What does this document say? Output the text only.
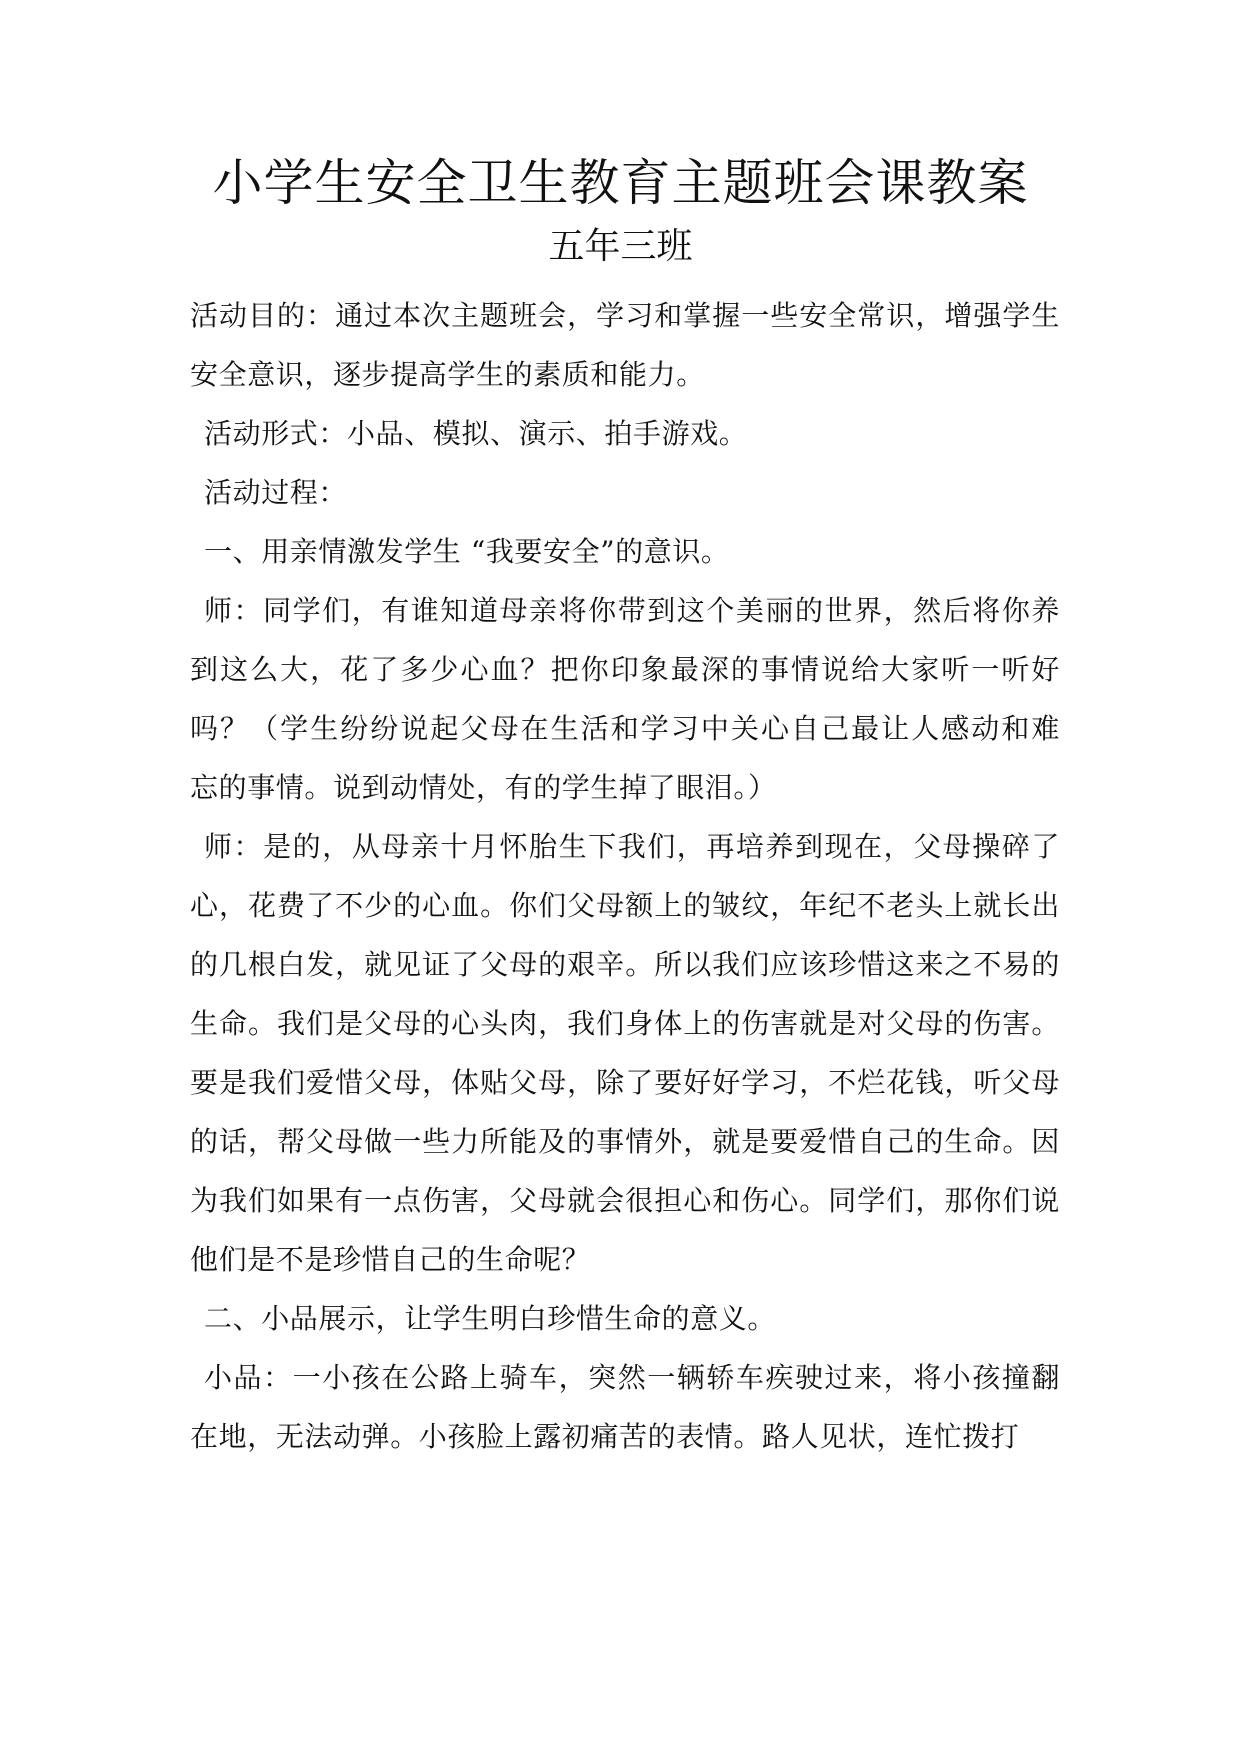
小学生安全卫生教育主题班会课教案
五年三班
活动目的：通过本次主题班会，学习和掌握一些安全常识，增强学生
安全意识，逐步提高学生的素质和能力。
活动形式：小品、模拟、演示、拍手游戏。
活动过程：
一、用亲情激发学生 “我要安全”的意识。
师：同学们，有谁知道母亲将你带到这个美丽的世界，然后将你养
到这么大，花了多少心血？把你印象最深的事情说给大家听一听好
吗？（学生纷纷说起父母在生活和学习中关心自己最让人感动和难
忘的事情。说到动情处，有的学生掉了眼泪。）
师：是的，从母亲十月怀胎生下我们，再培养到现在，父母操碎了
心，花费了不少的心血。你们父母额上的皱纹，年纪不老头上就长出
的几根白发，就见证了父母的艰辛。所以我们应该珍惜这来之不易的
生命。我们是父母的心头肉，我们身体上的伤害就是对父母的伤害。
要是我们爱惜父母，体贴父母，除了要好好学习，不烂花钱，听父母
的话，帮父母做一些力所能及的事情外，就是要爱惜自己的生命。因
为我们如果有一点伤害，父母就会很担心和伤心。同学们，那你们说
他们是不是珍惜自己的生命呢？
二、小品展示，让学生明白珍惜生命的意义。
小品：一小孩在公路上骑车，突然一辆轿车疾驶过来，将小孩撞翻
在地，无法动弹。小孩脸上露初痛苦的表情。路人见状，连忙拨打
